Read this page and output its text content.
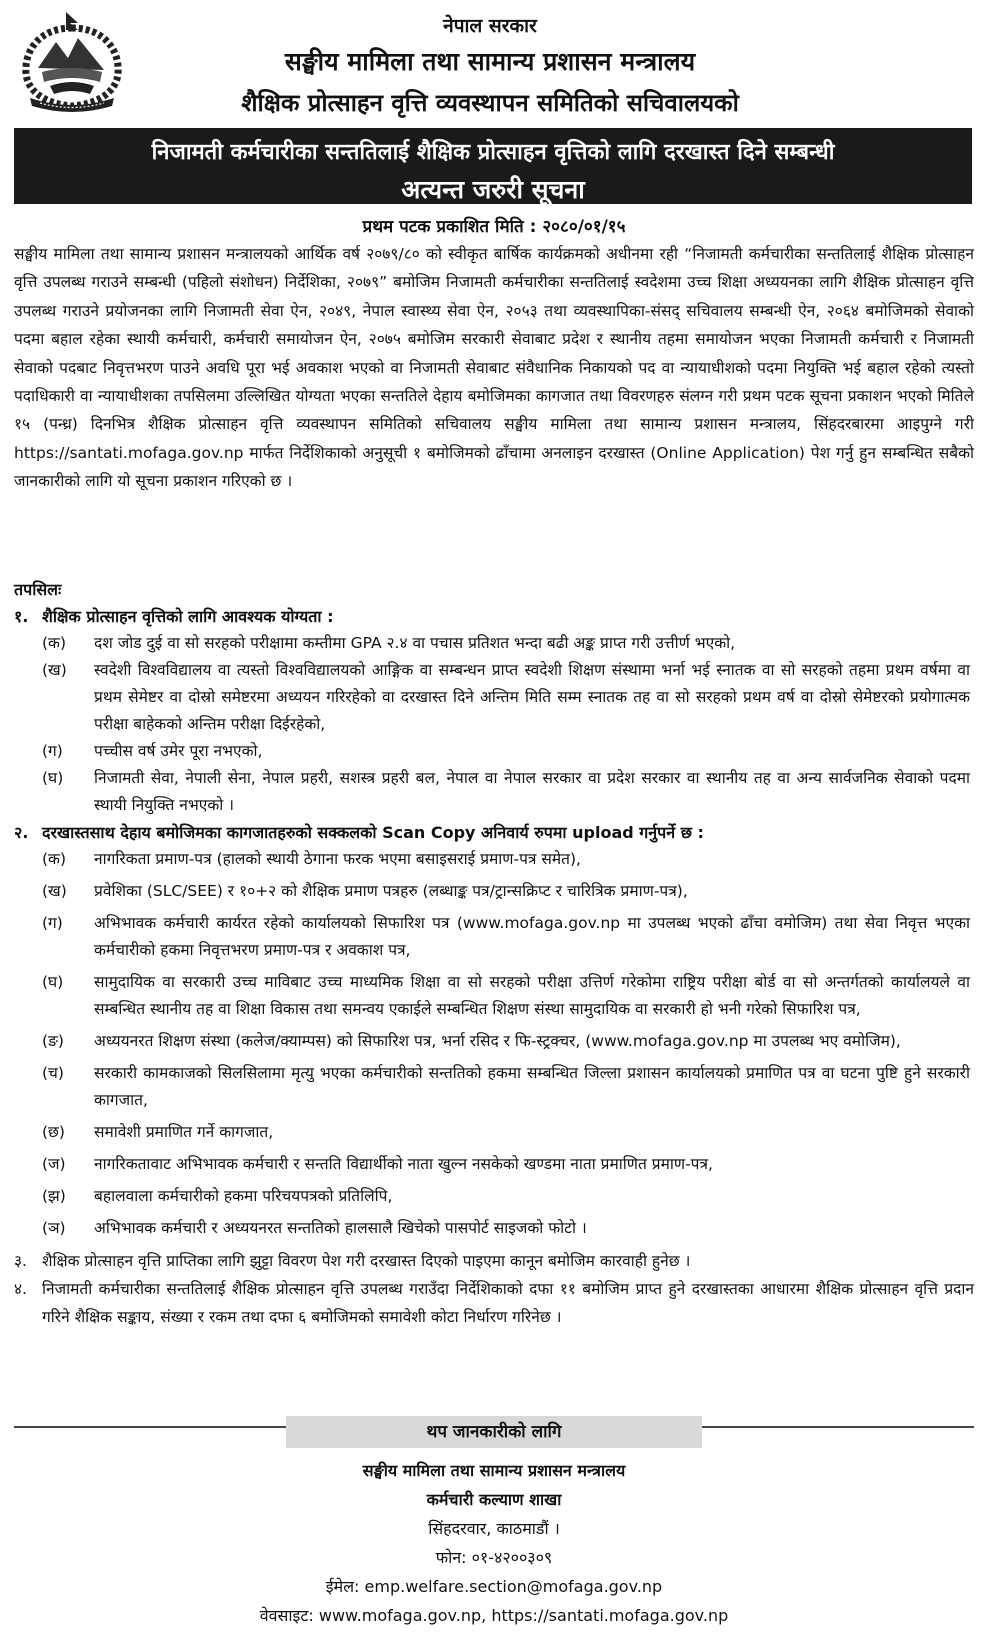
नेपाल सरकार
सङ्घीय मामिला तथा सामान्य प्रशासन मन्त्रालय
शैक्षिक प्रोत्साहन वृत्ति व्यवस्थापन समितिको सचिवालयको
निजामती कर्मचारीका सन्ततिलाई शैक्षिक प्रोत्साहन वृत्तिको लागि दरखास्त दिने सम्बन्धी
अत्यन्त जरुरी सूचना
प्रथम पटक प्रकाशित मिति : २०८०/०१/१५
सङ्घीय मामिला तथा सामान्य प्रशासन मन्त्रालयको आर्थिक वर्ष २०७९/८० को स्वीकृत बार्षिक कार्यक्रमको अधीनमा रही “निजामती कर्मचारीका सन्ततिलाई शैक्षिक प्रोत्साहन वृत्ति उपलब्ध गराउने सम्बन्धी (पहिलो संशोधन) निर्देशिका, २०७९” बमोजिम निजामती कर्मचारीका सन्ततिलाई स्वदेशमा उच्च शिक्षा अध्ययनका लागि शैक्षिक प्रोत्साहन वृत्ति उपलब्ध गराउने प्रयोजनका लागि निजामती सेवा ऐन, २०४९, नेपाल स्वास्थ्य सेवा ऐन, २०५३ तथा व्यवस्थापिका-संसद् सचिवालय सम्बन्धी ऐन, २०६४ बमोजिमको सेवाको पदमा बहाल रहेका स्थायी कर्मचारी, कर्मचारी समायोजन ऐन, २०७५ बमोजिम सरकारी सेवाबाट प्रदेश र स्थानीय तहमा समायोजन भएका निजामती कर्मचारी र निजामती सेवाको पदबाट निवृत्तभरण पाउने अवधि पूरा भई अवकाश भएको वा निजामती सेवाबाट संवैधानिक निकायको पद वा न्यायाधीशको पदमा नियुक्ति भई बहाल रहेको त्यस्तो पदाधिकारी वा न्यायाधीशका तपसिलमा उल्लिखित योग्यता भएका सन्ततिले देहाय बमोजिमका कागजात तथा विवरणहरु संलग्न गरी प्रथम पटक सूचना प्रकाशन भएको मितिले १५ (पन्ध्र) दिनभित्र शैक्षिक प्रोत्साहन वृत्ति व्यवस्थापन समितिको सचिवालय सङ्घीय मामिला तथा सामान्य प्रशासन मन्त्रालय, सिंहदरबारमा आइपुग्ने गरी https://santati.mofaga.gov.np मार्फत निर्देशिकाको अनुसूची १ बमोजिमको ढाँचामा अनलाइन दरखास्त (Online Application) पेश गर्नु हुन सम्बन्धित सबैको जानकारीको लागि यो सूचना प्रकाशन गरिएको छ ।
तपसिलः
१. शैक्षिक प्रोत्साहन वृत्तिको लागि आवश्यक योग्यता :
(क)	दश जोड दुई वा सो सरहको परीक्षामा कम्तीमा GPA २.४ वा पचास प्रतिशत भन्दा बढी अङ्क प्राप्त गरी उत्तीर्ण भएको,
(ख)	स्वदेशी विश्वविद्यालय वा त्यस्तो विश्वविद्यालयको आङ्गिक वा सम्बन्धन प्राप्त स्वदेशी शिक्षण संस्थामा भर्ना भई स्नातक वा सो सरहको तहमा प्रथम वर्षमा वा प्रथम सेमेष्टर वा दोस्रो समेष्टरमा अध्ययन गरिरहेको वा दरखास्त दिने अन्तिम मिति सम्म स्नातक तह वा सो सरहको प्रथम वर्ष वा दोस्रो सेमेष्टरको प्रयोगात्मक परीक्षा बाहेकको अन्तिम परीक्षा दिईरहेको,
(ग)	पच्चीस वर्ष उमेर पूरा नभएको,
(घ)	निजामती सेवा, नेपाली सेना, नेपाल प्रहरी, सशस्त्र प्रहरी बल, नेपाल वा नेपाल सरकार वा प्रदेश सरकार वा स्थानीय तह वा अन्य सार्वजनिक सेवाको पदमा स्थायी नियुक्ति नभएको ।
२. दरखास्तसाथ देहाय बमोजिमका कागजातहरुको सक्कलको Scan Copy अनिवार्य रुपमा upload गर्नुपर्ने छ :
(क)	नागरिकता प्रमाण-पत्र (हालको स्थायी ठेगाना फरक भएमा बसाइसराई प्रमाण-पत्र समेत),
(ख)	प्रवेशिका (SLC/SEE) र १०+२ को शैक्षिक प्रमाण पत्रहरु (लब्धाङ्क पत्र/ट्रान्सक्रिप्ट र चारित्रिक प्रमाण-पत्र),
(ग)	अभिभावक कर्मचारी कार्यरत रहेको कार्यालयको सिफारिश पत्र (www.mofaga.gov.np मा उपलब्ध भएको ढाँचा वमोजिम) तथा सेवा निवृत्त भएका कर्मचारीको हकमा निवृत्तभरण प्रमाण-पत्र र अवकाश पत्र,
(घ)	सामुदायिक वा सरकारी उच्च माविबाट उच्च माध्यमिक शिक्षा वा सो सरहको परीक्षा उत्तिर्ण गरेकोमा राष्ट्रिय परीक्षा बोर्ड वा सो अन्तर्गतको कार्यालयले वा सम्बन्धित स्थानीय तह वा शिक्षा विकास तथा समन्वय एकाईले सम्बन्धित शिक्षण संस्था सामुदायिक वा सरकारी हो भनी गरेको सिफारिश पत्र,
(ङ)	अध्ययनरत शिक्षण संस्था (कलेज/क्याम्पस) को सिफारिश पत्र, भर्ना रसिद र फि-स्ट्रक्चर, (www.mofaga.gov.np मा उपलब्ध भए वमोजिम),
(च)	सरकारी कामकाजको सिलसिलामा मृत्यु भएका कर्मचारीको सन्ततिको हकमा सम्बन्धित जिल्ला प्रशासन कार्यालयको प्रमाणित पत्र वा घटना पुष्टि हुने सरकारी कागजात,
(छ)	समावेशी प्रमाणित गर्ने कागजात,
(ज)	नागरिकतावाट अभिभावक कर्मचारी र सन्तति विद्यार्थीको नाता खुल्न नसकेको खण्डमा नाता प्रमाणित प्रमाण-पत्र,
(झ)	बहालवाला कर्मचारीको हकमा परिचयपत्रको प्रतिलिपि,
(ञ)	अभिभावक कर्मचारी र अध्ययनरत सन्ततिको हालसालै खिचेको पासपोर्ट साइजको फोटो ।
३. शैक्षिक प्रोत्साहन वृत्ति प्राप्तिका लागि झुट्टा विवरण पेश गरी दरखास्त दिएको पाइएमा कानून बमोजिम कारवाही हुनेछ ।
४. निजामती कर्मचारीका सन्ततिलाई शैक्षिक प्रोत्साहन वृत्ति उपलब्ध गराउँदा निर्देशिकाको दफा ११ बमोजिम प्राप्त हुने दरखास्तका आधारमा शैक्षिक प्रोत्साहन वृत्ति प्रदान गरिने शैक्षिक सङ्काय, संख्या र रकम तथा दफा ६ बमोजिमको समावेशी कोटा निर्धारण गरिनेछ ।
थप जानकारीको लागि
सङ्घीय मामिला तथा सामान्य प्रशासन मन्त्रालय
कर्मचारी कल्याण शाखा
सिंहदरवार, काठमाडौं ।
फोन: ०१-४२००३०९
ईमेल: emp.welfare.section@mofaga.gov.np
वेवसाइट: www.mofaga.gov.np, https://santati.mofaga.gov.np
